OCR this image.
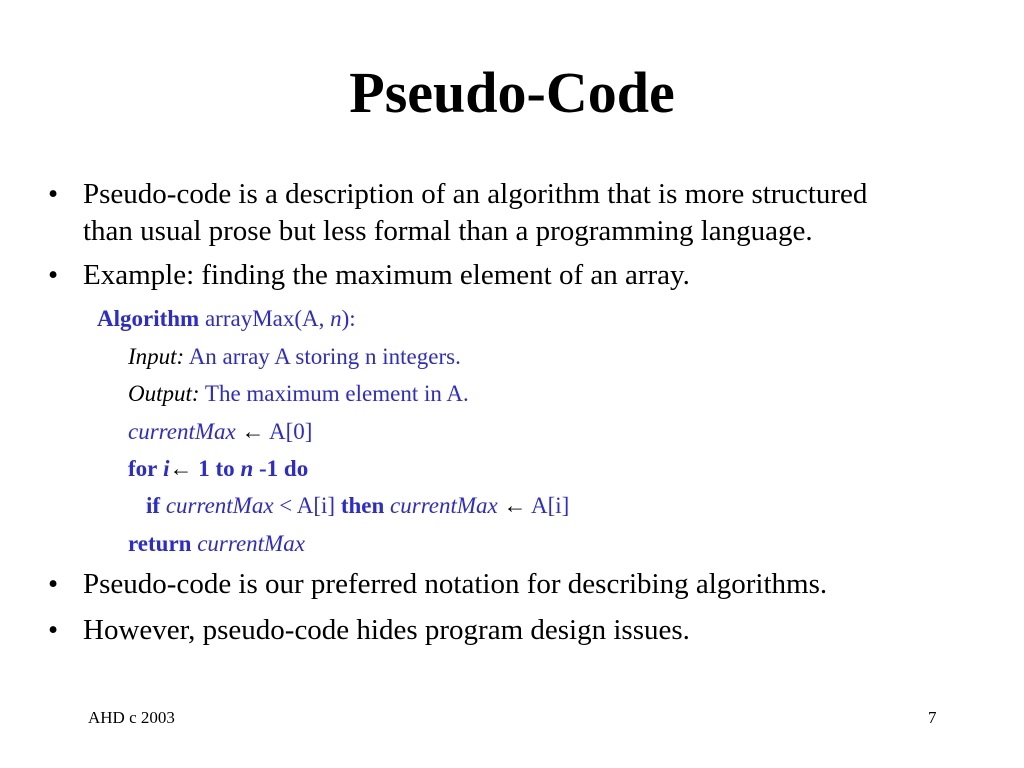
Pseudo-Code
• Pseudo-code is a description of an algorithm that is more structured
than usual prose but less formal than a programming language.
• Example: finding the maximum element of an array.
Algorithm arrayMax(A, n):
Input: An array A storing n integers.
Output: The maximum element in A.
currentMax ← A[0]
for i← 1 to n -1 do
if currentMax < A[i] then currentMax ← A[i]
return currentMax
• Pseudo-code is our preferred notation for describing algorithms.
• However, pseudo-code hides program design issues.
AHD c 2003	7
